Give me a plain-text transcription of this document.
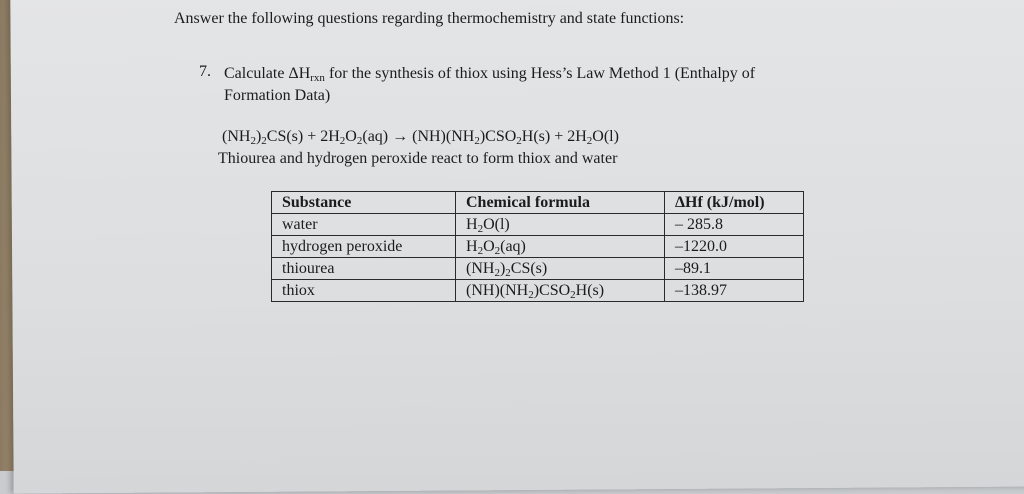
Answer the following questions regarding thermochemistry and state functions:
7. Calculate $\Delta H_{rxn}$ for the synthesis of thiox using Hess’s Law Method 1 (Enthalpy of
Formation Data)
$(NH_2)_2CS(s) + 2H_2O_2(aq) \to (NH)(NH_2)CSO_2H(s) + 2H_2O(l)$
Thiourea and hydrogen peroxide react to form thiox and water
Substance	Chemical formula	ΔHf (kJ/mol)
water	$H_2O(l)$	– 285.8
hydrogen peroxide	$H_2O_2(aq)$	–1220.0
thiourea	$(NH_2)_2CS(s)$	–89.1
thiox	$(NH)(NH_2)CSO_2H(s)$	–138.97
